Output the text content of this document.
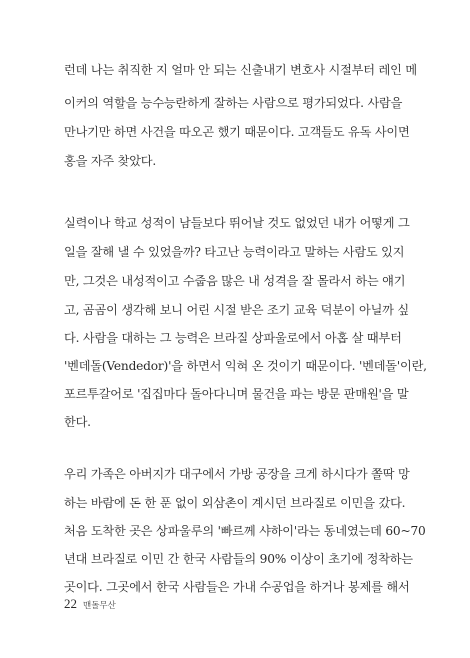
런데 나는 취직한 지 얼마 안 되는 신출내기 변호사 시절부터 레인 메
이커의 역할을 능수능란하게 잘하는 사람으로 평가되었다. 사람을
만나기만 하면 사건을 따오곤 했기 때문이다. 고객들도 유독 사이면
홍을 자주 찾았다.
실력이나 학교 성적이 남들보다 뛰어날 것도 없었던 내가 어떻게 그
일을 잘해 낼 수 있었을까? 타고난 능력이라고 말하는 사람도 있지
만, 그것은 내성적이고 수줍음 많은 내 성격을 잘 몰라서 하는 얘기
고, 곰곰이 생각해 보니 어린 시절 받은 조기 교육 덕분이 아닐까 싶
다. 사람을 대하는 그 능력은 브라질 상파울로에서 아홉 살 때부터
'벤데돌(Vendedor)'을 하면서 익혀 온 것이기 때문이다. '벤데돌'이란,
포르투갈어로 '집집마다 돌아다니며 물건을 파는 방문 판매원'을 말
한다.
우리 가족은 아버지가 대구에서 가방 공장을 크게 하시다가 쫄딱 망
하는 바람에 돈 한 푼 없이 외삼촌이 계시던 브라질로 이민을 갔다.
처음 도착한 곳은 상파울루의 '빠르께 샤하이'라는 동네였는데 60~70
년대 브라질로 이민 간 한국 사람들의 90% 이상이 초기에 정착하는
곳이다. 그곳에서 한국 사람들은 가내 수공업을 하거나 봉제를 해서
22 맨돌무산
